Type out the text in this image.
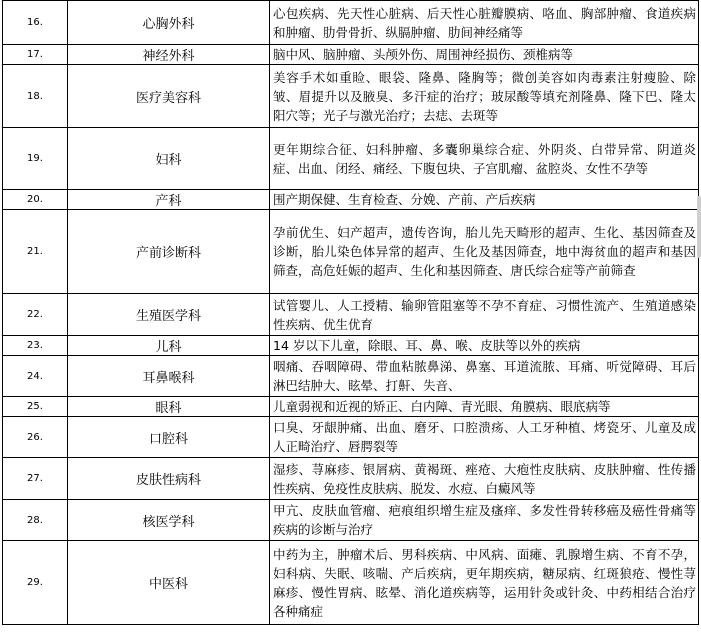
16.	心胸外科	心包疾病、先天性心脏病、后天性心脏瓣膜病、咯血、胸部肿瘤、食道疾病和肿瘤、肋骨骨折、纵膈肿瘤、肋间神经痛等
17.	神经外科	脑中风、脑肿瘤、头颅外伤、周围神经损伤、颈椎病等
18.	医疗美容科	美容手术如重睑、眼袋、隆鼻、隆胸等；微创美容如肉毒素注射瘦脸、除皱、眉提升以及腋臭、多汗症的治疗；玻尿酸等填充剂隆鼻、隆下巴、隆太阳穴等；光子与激光治疗；去痣、去斑等
19.	妇科	更年期综合征、妇科肿瘤、多囊卵巢综合症、外阴炎、白带异常、阴道炎症、出血、闭经、痛经、下腹包块、子宫肌瘤、盆腔炎、女性不孕等
20.	产科	围产期保健、生育检查、分娩、产前、产后疾病
21.	产前诊断科	孕前优生、妇产超声，遗传咨询，胎儿先天畸形的超声、生化、基因筛查及诊断，胎儿染色体异常的超声、生化及基因筛查，地中海贫血的超声和基因筛查，高危妊娠的超声、生化和基因筛查、唐氏综合症等产前筛查
22.	生殖医学科	试管婴儿、人工授精、输卵管阻塞等不孕不育症、习惯性流产、生殖道感染性疾病、优生优育
23.	儿科	14 岁以下儿童，除眼、耳、鼻、喉、皮肤等以外的疾病
24.	耳鼻喉科	咽痛、吞咽障碍、带血粘脓鼻涕、鼻塞、耳道流脓、耳痛、听觉障碍、耳后淋巴结肿大、眩晕、打鼾、失音、
25.	眼科	儿童弱视和近视的矫正、白内障、青光眼、角膜病、眼底病等
26.	口腔科	口臭、牙龈肿痛、出血、磨牙、口腔溃疡、人工牙种植、烤瓷牙、儿童及成人正畸治疗、唇腭裂等
27.	皮肤性病科	湿疹、荨麻疹、银屑病、黄褐斑、痤疮、大疱性皮肤病、皮肤肿瘤、性传播性疾病、免疫性皮肤病、脱发、水痘、白癜风等
28.	核医学科	甲亢、皮肤血管瘤、疤痕组织增生症及瘙痒、多发性骨转移癌及癌性骨痛等疾病的诊断与治疗
29.	中医科	中药为主，肿瘤术后、男科疾病、中风病、面瘫、乳腺增生病、不育不孕，妇科病、失眠、咳喘、产后疾病，更年期疾病，糖尿病、红斑狼疮、慢性荨麻疹、慢性胃病、眩晕、消化道疾病等，运用针灸或针灸、中药相结合治疗各种痛症
